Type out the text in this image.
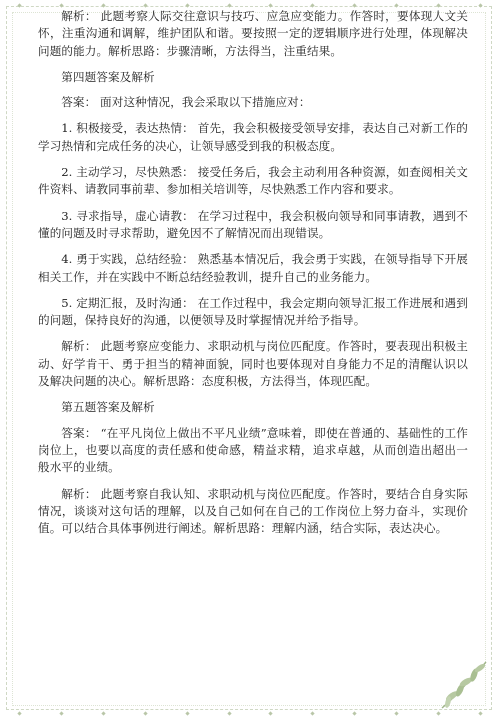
解析： 此题考察人际交往意识与技巧、应急应变能力。作答时，要体现人文关怀，注重沟通和调解，维护团队和谐。要按照一定的逻辑顺序进行处理，体现解决问题的能力。解析思路：步骤清晰，方法得当，注重结果。

第四题答案及解析

答案： 面对这种情况，我会采取以下措施应对：

1. 积极接受，表达热情： 首先，我会积极接受领导安排，表达自己对新工作的学习热情和完成任务的决心，让领导感受到我的积极态度。

2. 主动学习，尽快熟悉： 接受任务后，我会主动利用各种资源，如查阅相关文件资料、请教同事前辈、参加相关培训等，尽快熟悉工作内容和要求。

3. 寻求指导，虚心请教： 在学习过程中，我会积极向领导和同事请教，遇到不懂的问题及时寻求帮助，避免因不了解情况而出现错误。

4. 勇于实践，总结经验： 熟悉基本情况后，我会勇于实践，在领导指导下开展相关工作，并在实践中不断总结经验教训，提升自己的业务能力。

5. 定期汇报，及时沟通： 在工作过程中，我会定期向领导汇报工作进展和遇到的问题，保持良好的沟通，以便领导及时掌握情况并给予指导。

解析： 此题考察应变能力、求职动机与岗位匹配度。作答时，要表现出积极主动、好学肯干、勇于担当的精神面貌，同时也要体现对自身能力不足的清醒认识以及解决问题的决心。解析思路：态度积极，方法得当，体现匹配。

第五题答案及解析

答案： “在平凡岗位上做出不平凡业绩”意味着，即使在普通的、基础性的工作岗位上，也要以高度的责任感和使命感，精益求精，追求卓越，从而创造出超出一般水平的业绩。

解析： 此题考察自我认知、求职动机与岗位匹配度。作答时，要结合自身实际情况，谈谈对这句话的理解，以及自己如何在自己的工作岗位上努力奋斗，实现价值。可以结合具体事例进行阐述。解析思路：理解内涵，结合实际，表达决心。
